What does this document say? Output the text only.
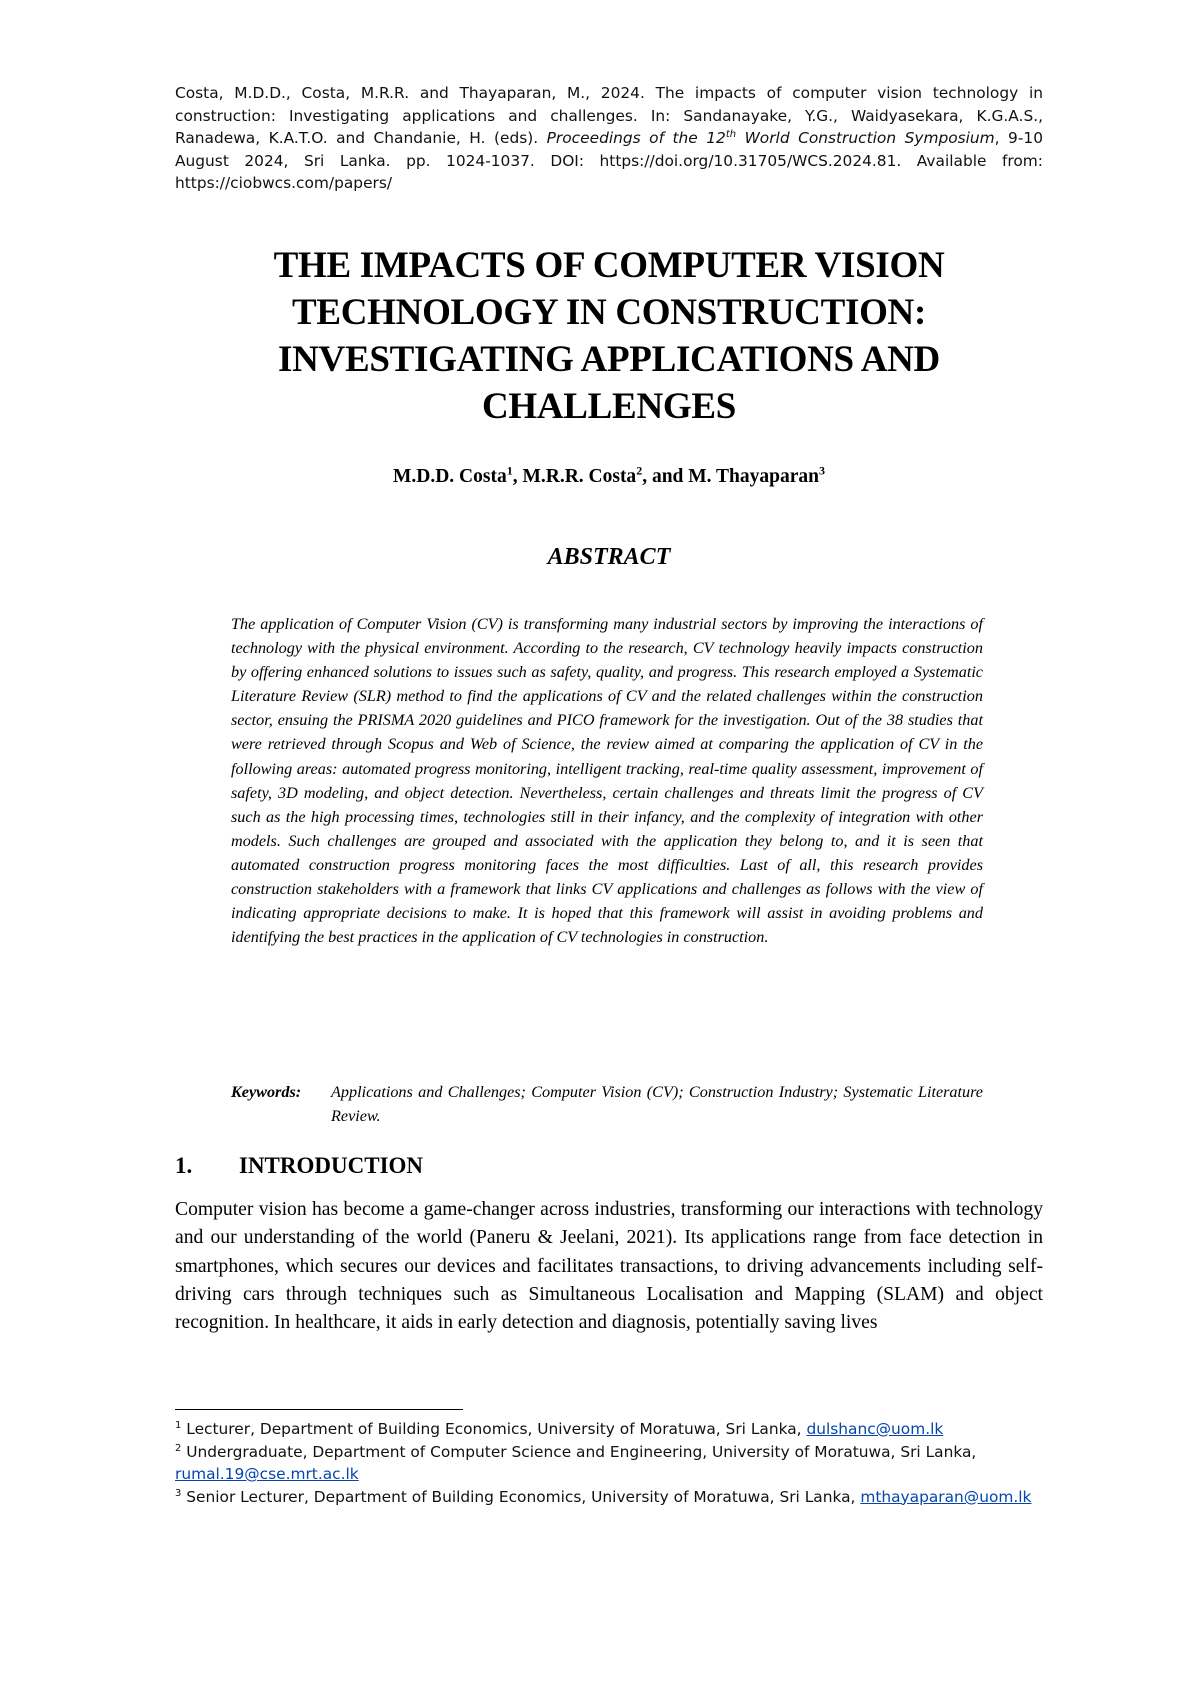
Costa, M.D.D., Costa, M.R.R. and Thayaparan, M., 2024. The impacts of computer vision technology in construction: Investigating applications and challenges. In: Sandanayake, Y.G., Waidyasekara, K.G.A.S., Ranadewa, K.A.T.O. and Chandanie, H. (eds). Proceedings of the 12th World Construction Symposium, 9-10 August 2024, Sri Lanka. pp. 1024-1037. DOI: https://doi.org/10.31705/WCS.2024.81. Available from: https://ciobwcs.com/papers/
THE IMPACTS OF COMPUTER VISION
TECHNOLOGY IN CONSTRUCTION:
INVESTIGATING APPLICATIONS AND
CHALLENGES
M.D.D. Costa$^1$, M.R.R. Costa$^2$, and M. Thayaparan$^3$
ABSTRACT
The application of Computer Vision (CV) is transforming many industrial sectors by improving the interactions of technology with the physical environment. According to the research, CV technology heavily impacts construction by offering enhanced solutions to issues such as safety, quality, and progress. This research employed a Systematic Literature Review (SLR) method to find the applications of CV and the related challenges within the construction sector, ensuing the PRISMA 2020 guidelines and PICO framework for the investigation. Out of the 38 studies that were retrieved through Scopus and Web of Science, the review aimed at comparing the application of CV in the following areas: automated progress monitoring, intelligent tracking, real-time quality assessment, improvement of safety, 3D modeling, and object detection. Nevertheless, certain challenges and threats limit the progress of CV such as the high processing times, technologies still in their infancy, and the complexity of integration with other models. Such challenges are grouped and associated with the application they belong to, and it is seen that automated construction progress monitoring faces the most difficulties. Last of all, this research provides construction stakeholders with a framework that links CV applications and challenges as follows with the view of indicating appropriate decisions to make. It is hoped that this framework will assist in avoiding problems and identifying the best practices in the application of CV technologies in construction.
Keywords:	Applications and Challenges; Computer Vision (CV); Construction Industry; Systematic Literature Review.
1. INTRODUCTION
Computer vision has become a game-changer across industries, transforming our interactions with technology and our understanding of the world (Paneru & Jeelani, 2021). Its applications range from face detection in smartphones, which secures our devices and facilitates transactions, to driving advancements including self-driving cars through techniques such as Simultaneous Localisation and Mapping (SLAM) and object recognition. In healthcare, it aids in early detection and diagnosis, potentially saving lives
$^1$ Lecturer, Department of Building Economics, University of Moratuwa, Sri Lanka, dulshanc@uom.lk
$^2$ Undergraduate, Department of Computer Science and Engineering, University of Moratuwa, Sri Lanka, rumal.19@cse.mrt.ac.lk
$^3$ Senior Lecturer, Department of Building Economics, University of Moratuwa, Sri Lanka, mthayaparan@uom.lk
